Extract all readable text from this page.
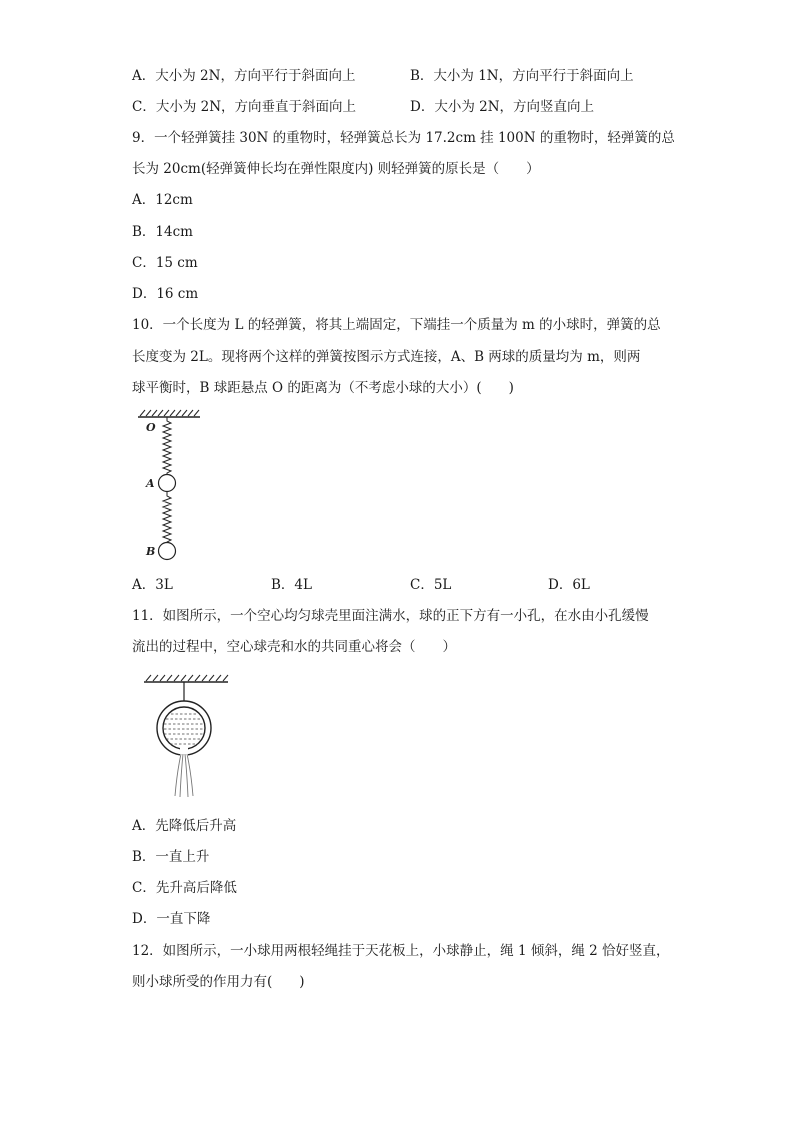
A．大小为 2N，方向平行于斜面向上	B．大小为 1N，方向平行于斜面向上
C．大小为 2N，方向垂直于斜面向上	D．大小为 2N，方向竖直向上
9．一个轻弹簧挂 30N 的重物时，轻弹簧总长为 17.2cm 挂 100N 的重物时，轻弹簧的总
长为 20cm(轻弹簧伸长均在弹性限度内) 则轻弹簧的原长是（　　）
A．12cm
B．14cm
C．15 cm
D．16 cm
10．一个长度为 L 的轻弹簧，将其上端固定，下端挂一个质量为 m 的小球时，弹簧的总
长度变为 2L。现将两个这样的弹簧按图示方式连接，A、B 两球的质量均为 m，则两
球平衡时，B 球距悬点 O 的距离为（不考虑小球的大小）(　　)
O
A
B
A．3L	B．4L	C．5L	D．6L
11．如图所示，一个空心均匀球壳里面注满水，球的正下方有一小孔，在水由小孔缓慢
流出的过程中，空心球壳和水的共同重心将会（　　）
A．先降低后升高
B．一直上升
C．先升高后降低
D．一直下降
12．如图所示，一小球用两根轻绳挂于天花板上，小球静止，绳 1 倾斜，绳 2 恰好竖直，
则小球所受的作用力有(　　)
